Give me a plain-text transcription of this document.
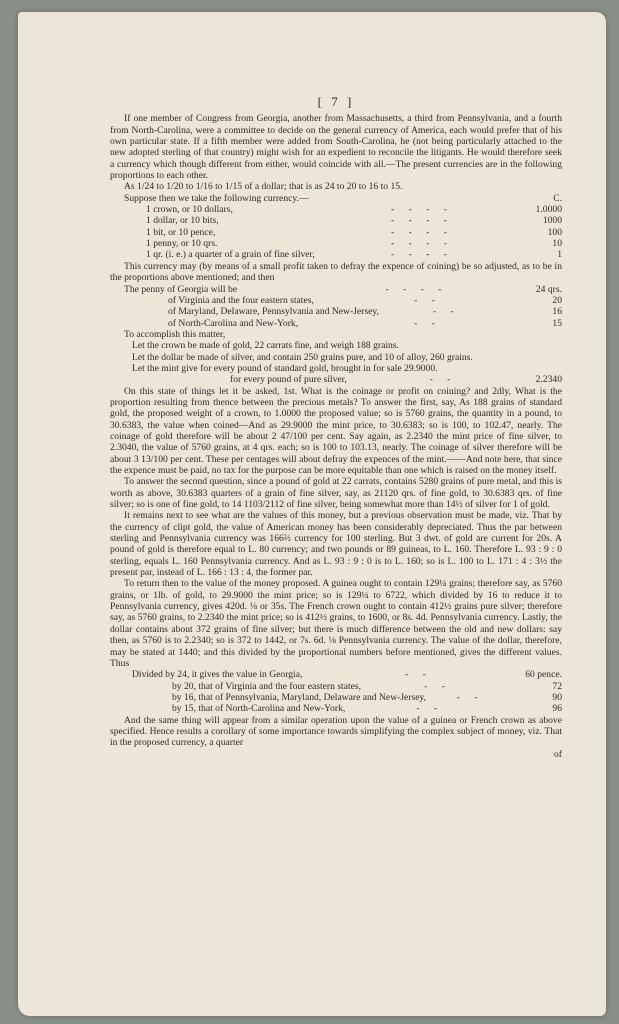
[ 7 ]

If one member of Congress from Georgia, another from Massachusetts, a third from Pennsylvania, and a fourth from North-Carolina, were a committee to decide on the general currency of America, each would prefer that of his own particular state. If a fifth member were added from South-Carolina, he (not being particularly attached to the new adopted sterling of that country) might wish for an expedient to reconcile the litigants. He would therefore seek a currency which though different from either, would coincide with all.—The present currencies are in the following proportions to each other.

As 1/24 to 1/20 to 1/16 to 1/15 of a dollar; that is as 24 to 20 to 16 to 15.

Suppose then we take the following currency.—	C.
1 crown, or 10 dollars,	- - - -	1.0000
1 dollar, or 10 bits,	- - - -	1000
1 bit, or 10 pence,	- - - -	100
1 penny, or 10 qrs.	- - - -	10
1 qr. (i. e.) a quarter of a grain of fine silver,	- - - -	1

This currency may (by means of a small profit taken to defray the expence of coining) be so adjusted, as to be in the proportions above mentioned; and then

The penny of Georgia will be	- - - -	24 qrs.
of Virginia and the four eastern states,	- -	20
of Maryland, Delaware, Pennsylvania and New-Jersey,	- -	16
of North-Carolina and New-York,	- -	15

To accomplish this matter,

Let the crown be made of gold, 22 carrats fine, and weigh 188 grains.

Let the dollar be made of silver, and contain 250 grains pure, and 10 of alloy, 260 grains.

Let the mint give for every pound of standard gold, brought in for sale 29.9000.

for every pound of pure silver,	- -	2.2340

On this state of things let it be asked, 1st. What is the coinage or profit on coining? and 2dly, What is the proportion resulting from thence between the precious metals? To answer the first, say, As 188 grains of standard gold, the proposed weight of a crown, to 1.0000 the proposed value; so is 5760 grains, the quantity in a pound, to 30.6383, the value when coined—And as 29.9000 the mint price, to 30.6383; so is 100, to 102.47, nearly. The coinage of gold therefore will be about 2 47/100 per cent. Say again, as 2.2340 the mint price of fine silver, to 2.3040, the value of 5760 grains, at 4 qrs. each; so is 100 to 103.13, nearly. The coinage of silver therefore will be about 3 13/100 per cent. These per centages will about defray the expences of the mint.——And note here, that since the expence must be paid, no tax for the purpose can be more equitable than one which is raised on the money itself.

To answer the second question, since a pound of gold at 22 carrats, contains 5280 grains of pure metal, and this is worth as above, 30.6383 quarters of a grain of fine silver, say, as 21120 qrs. of fine gold, to 30.6383 qrs. of fine silver; so is one of fine gold, to 14 1103/2112 of fine silver, being somewhat more than 14½ of silver for 1 of gold.

It remains next to see what are the values of this money, but a previous observation must be made, viz. That by the currency of clipt gold, the value of American money has been considerably depreciated. Thus the par between sterling and Pennsylvania currency was 166⅔ currency for 100 sterling. But 3 dwt. of gold are current for 20s. A pound of gold is therefore equal to L. 80 currency; and two pounds or 89 guineas, to L. 160. Therefore L. 93 : 9 : 0 sterling, equals L. 160 Pennsylvania currency. And as L. 93 : 9 : 0 is to L. 160; so is L. 100 to L. 171 : 4 : 3½ the present par, instead of L. 166 : 13 : 4, the former par.

To return then to the value of the money proposed. A guinea ought to contain 129¼ grains; therefore say, as 5760 grains, or 1lb. of gold, to 29.9000 the mint price; so is 129¼ to 6722, which divided by 16 to reduce it to Pennsylvania currency, gives 420d. ⅛ or 35s. The French crown ought to contain 412½ grains pure silver; therefore say, as 5760 grains, to 2.2340 the mint price; so is 412½ grains, to 1600, or 8s. 4d. Pennsylvania currency. Lastly, the dollar contains about 372 grains of fine silver; but there is much difference between the old and new dollars: say then, as 5760 is to 2.2340; so is 372 to 1442, or 7s. 6d. ⅛ Pennsylvania currency. The value of the dollar, therefore, may be stated at 1440; and this divided by the proportional numbers before mentioned, gives the different values. Thus

Divided by 24, it gives the value in Georgia,	- -	60 pence.
by 20, that of Virginia and the four eastern states,	- -	72
by 16, that of Pennsylvania, Maryland, Delaware and New-Jersey,	- -	90
by 15, that of North-Carolina and New-York,	- -	96

And the same thing will appear from a similar operation upon the value of a guinea or French crown as above specified. Hence results a corollary of some importance towards simplifying the complex subject of money, viz. That in the proposed currency, a quarter

of
